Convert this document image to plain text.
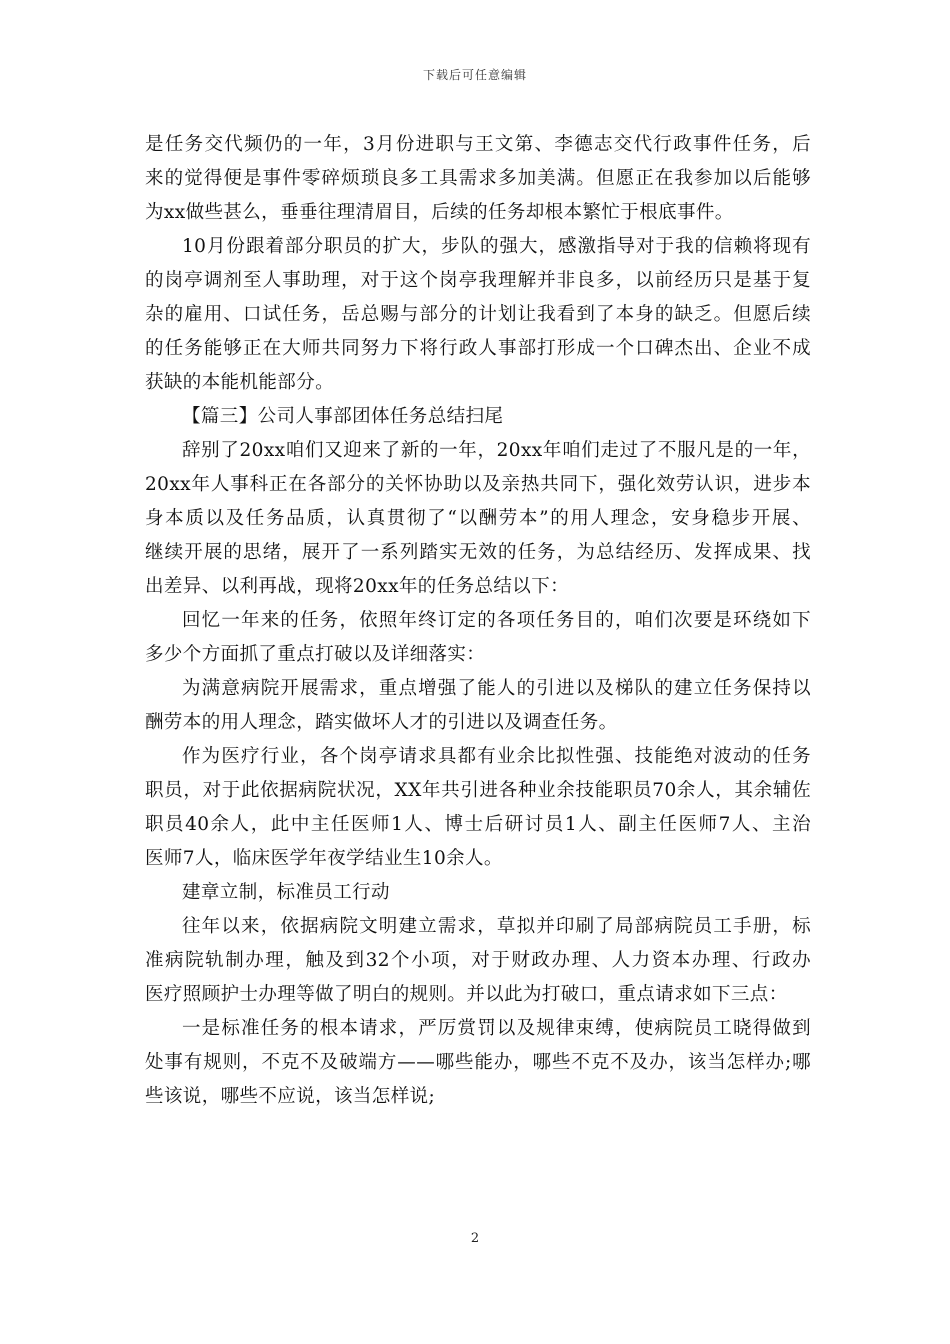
下载后可任意编辑
是任务交代频仍的一年，3月份进职与王文第、李德志交代行政事件任务，后
来的觉得便是事件零碎烦琐良多工具需求多加美满。但愿正在我参加以后能够
为xx做些甚么，垂垂往理清眉目，后续的任务却根本繁忙于根底事件。
10月份跟着部分职员的扩大，步队的强大，感激指导对于我的信赖将现有
的岗亭调剂至人事助理，对于这个岗亭我理解并非良多，以前经历只是基于复
杂的雇用、口试任务，岳总赐与部分的计划让我看到了本身的缺乏。但愿后续
的任务能够正在大师共同努力下将行政人事部打形成一个口碑杰出、企业不成
获缺的本能机能部分。
【篇三】公司人事部团体任务总结扫尾
辞别了20xx咱们又迎来了新的一年，20xx年咱们走过了不服凡是的一年，
20xx年人事科正在各部分的关怀协助以及亲热共同下，强化效劳认识，进步本
身本质以及任务品质，认真贯彻了“以酬劳本”的用人理念，安身稳步开展、
继续开展的思绪，展开了一系列踏实无效的任务，为总结经历、发挥成果、找
出差异、以利再战，现将20xx年的任务总结以下：
回忆一年来的任务，依照年终订定的各项任务目的，咱们次要是环绕如下
多少个方面抓了重点打破以及详细落实：
为满意病院开展需求，重点增强了能人的引进以及梯队的建立任务保持以
酬劳本的用人理念，踏实做坏人才的引进以及调查任务。
作为医疗行业，各个岗亭请求具都有业余比拟性强、技能绝对波动的任务
职员，对于此依据病院状况，XX年共引进各种业余技能职员70余人，其余辅佐
职员40余人，此中主任医师1人、博士后研讨员1人、副主任医师7人、主治
医师7人，临床医学年夜学结业生10余人。
建章立制，标准员工行动
往年以来，依据病院文明建立需求，草拟并印刷了局部病院员工手册，标
准病院轨制办理，触及到32个小项，对于财政办理、人力资本办理、行政办
医疗照顾护士办理等做了明白的规则。并以此为打破口，重点请求如下三点：
一是标准任务的根本请求，严厉赏罚以及规律束缚，使病院员工晓得做到
处事有规则，不克不及破端方——哪些能办，哪些不克不及办，该当怎样办;哪
些该说，哪些不应说，该当怎样说;
2
